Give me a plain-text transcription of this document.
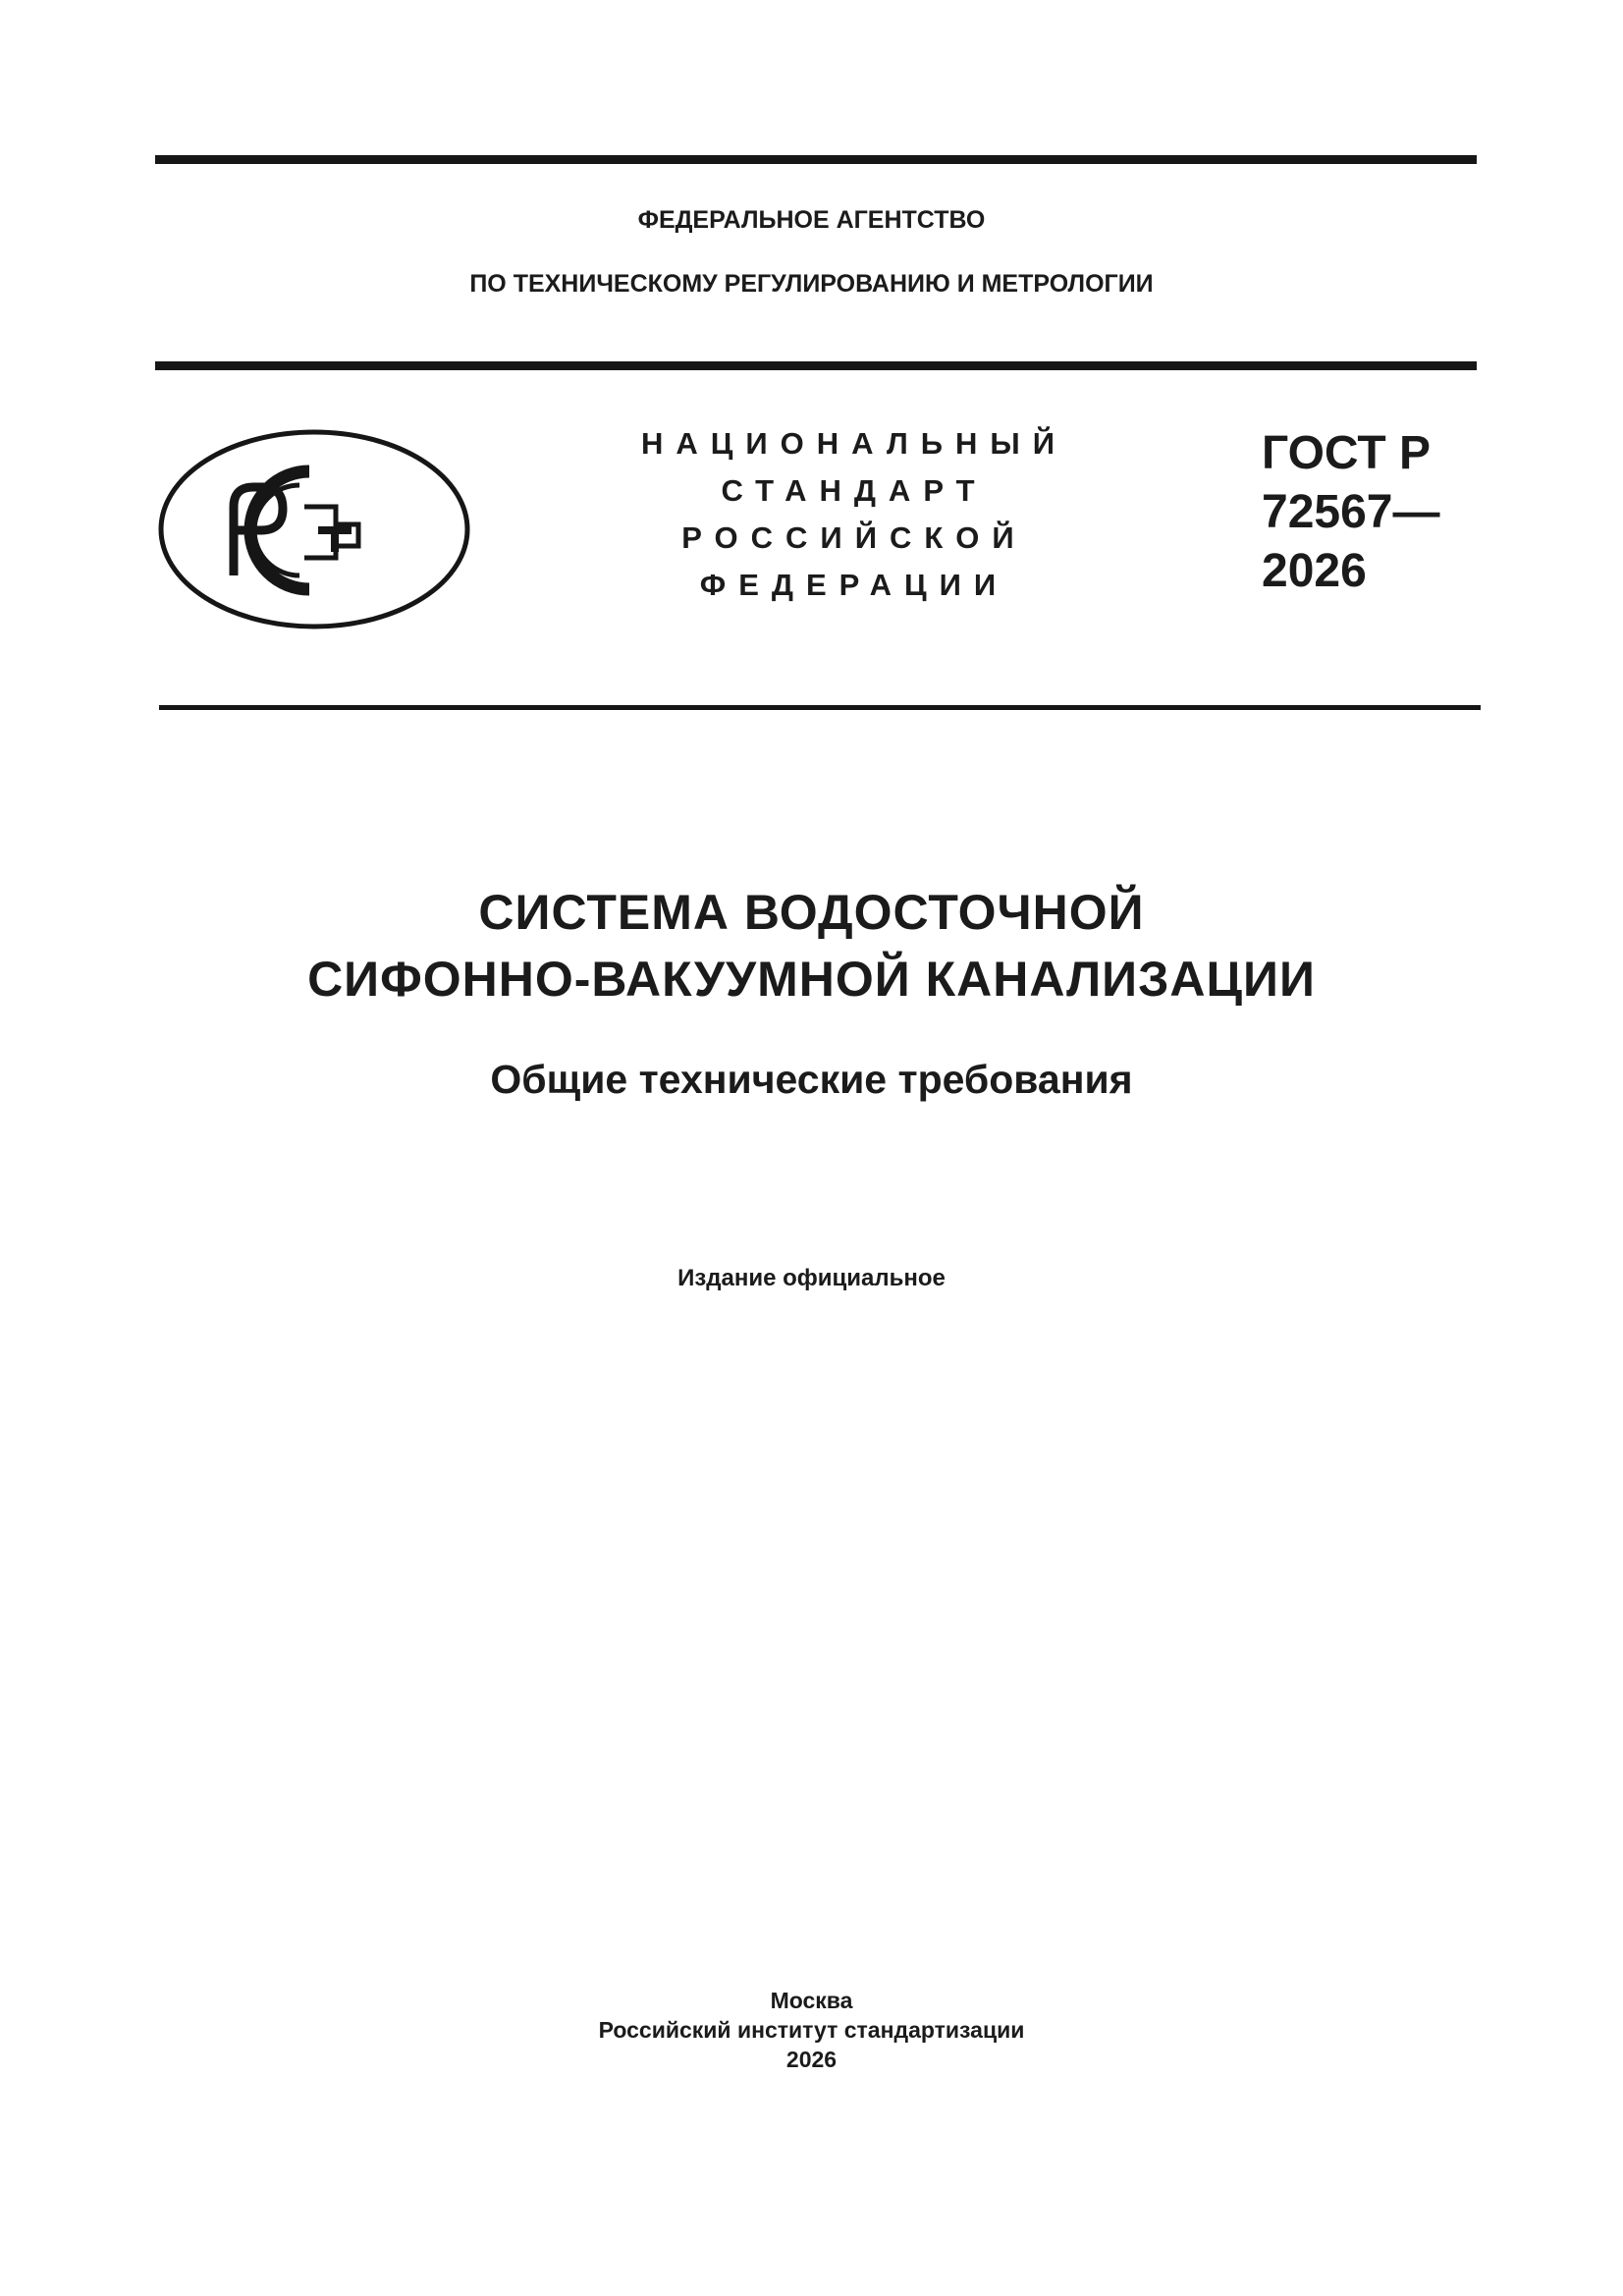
ФЕДЕРАЛЬНОЕ АГЕНТСТВО
ПО ТЕХНИЧЕСКОМУ РЕГУЛИРОВАНИЮ И МЕТРОЛОГИИ
НАЦИОНАЛЬНЫЙ
СТАНДАРТ
РОССИЙСКОЙ
ФЕДЕРАЦИИ
ГОСТ Р
72567—
2026
СИСТЕМА ВОДОСТОЧНОЙ
СИФОННО-ВАКУУМНОЙ КАНАЛИЗАЦИИ
Общие технические требования
Издание официальное
Москва
Российский институт стандартизации
2026
